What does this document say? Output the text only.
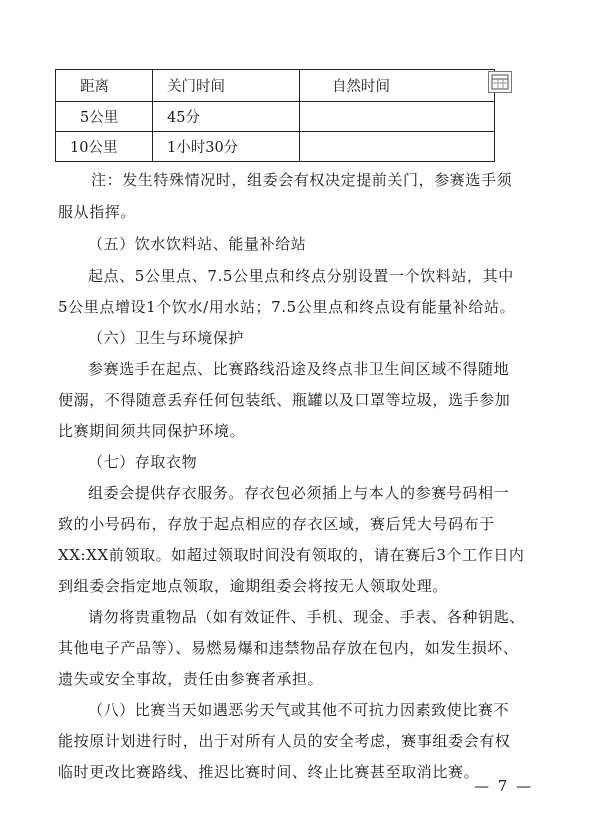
距离	关门时间	自然时间
5公里	45分	
10公里	1小时30分	
注：发生特殊情况时，组委会有权决定提前关门，参赛选手须
服从指挥。
（五）饮水饮料站、能量补给站
起点、5公里点、7.5公里点和终点分别设置一个饮料站，其中
5公里点增设1个饮水/用水站；7.5公里点和终点设有能量补给站。
（六）卫生与环境保护
参赛选手在起点、比赛路线沿途及终点非卫生间区域不得随地
便溺，不得随意丢弃任何包装纸、瓶罐以及口罩等垃圾，选手参加
比赛期间须共同保护环境。
（七）存取衣物
组委会提供存衣服务。存衣包必须插上与本人的参赛号码相一
致的小号码布，存放于起点相应的存衣区域，赛后凭大号码布于
XX:XX前领取。如超过领取时间没有领取的，请在赛后3个工作日内
到组委会指定地点领取，逾期组委会将按无人领取处理。
请勿将贵重物品（如有效证件、手机、现金、手表、各种钥匙、
其他电子产品等）、易燃易爆和违禁物品存放在包内，如发生损坏、
遗失或安全事故，责任由参赛者承担。
（八）比赛当天如遇恶劣天气或其他不可抗力因素致使比赛不
能按原计划进行时，出于对所有人员的安全考虑，赛事组委会有权
临时更改比赛路线、推迟比赛时间、终止比赛甚至取消比赛。
— 7 —
